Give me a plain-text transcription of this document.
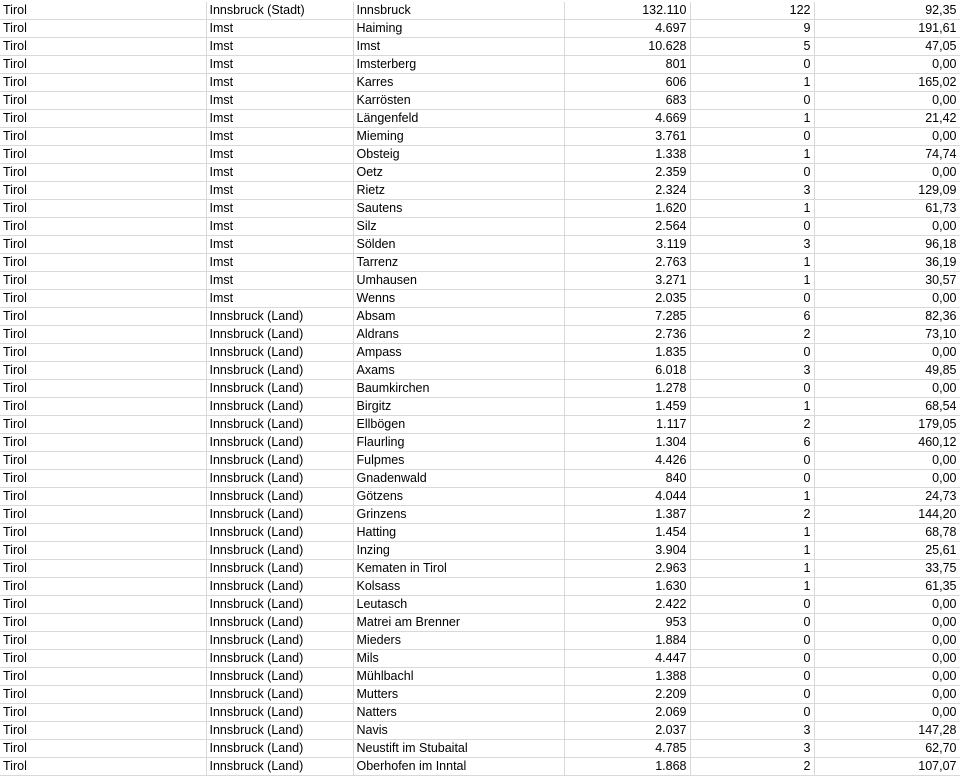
Tirol	Innsbruck (Stadt)	Innsbruck	132.110	122	92,35
Tirol	Imst	Haiming	4.697	9	191,61
Tirol	Imst	Imst	10.628	5	47,05
Tirol	Imst	Imsterberg	801	0	0,00
Tirol	Imst	Karres	606	1	165,02
Tirol	Imst	Karrösten	683	0	0,00
Tirol	Imst	Längenfeld	4.669	1	21,42
Tirol	Imst	Mieming	3.761	0	0,00
Tirol	Imst	Obsteig	1.338	1	74,74
Tirol	Imst	Oetz	2.359	0	0,00
Tirol	Imst	Rietz	2.324	3	129,09
Tirol	Imst	Sautens	1.620	1	61,73
Tirol	Imst	Silz	2.564	0	0,00
Tirol	Imst	Sölden	3.119	3	96,18
Tirol	Imst	Tarrenz	2.763	1	36,19
Tirol	Imst	Umhausen	3.271	1	30,57
Tirol	Imst	Wenns	2.035	0	0,00
Tirol	Innsbruck (Land)	Absam	7.285	6	82,36
Tirol	Innsbruck (Land)	Aldrans	2.736	2	73,10
Tirol	Innsbruck (Land)	Ampass	1.835	0	0,00
Tirol	Innsbruck (Land)	Axams	6.018	3	49,85
Tirol	Innsbruck (Land)	Baumkirchen	1.278	0	0,00
Tirol	Innsbruck (Land)	Birgitz	1.459	1	68,54
Tirol	Innsbruck (Land)	Ellbögen	1.117	2	179,05
Tirol	Innsbruck (Land)	Flaurling	1.304	6	460,12
Tirol	Innsbruck (Land)	Fulpmes	4.426	0	0,00
Tirol	Innsbruck (Land)	Gnadenwald	840	0	0,00
Tirol	Innsbruck (Land)	Götzens	4.044	1	24,73
Tirol	Innsbruck (Land)	Grinzens	1.387	2	144,20
Tirol	Innsbruck (Land)	Hatting	1.454	1	68,78
Tirol	Innsbruck (Land)	Inzing	3.904	1	25,61
Tirol	Innsbruck (Land)	Kematen in Tirol	2.963	1	33,75
Tirol	Innsbruck (Land)	Kolsass	1.630	1	61,35
Tirol	Innsbruck (Land)	Leutasch	2.422	0	0,00
Tirol	Innsbruck (Land)	Matrei am Brenner	953	0	0,00
Tirol	Innsbruck (Land)	Mieders	1.884	0	0,00
Tirol	Innsbruck (Land)	Mils	4.447	0	0,00
Tirol	Innsbruck (Land)	Mühlbachl	1.388	0	0,00
Tirol	Innsbruck (Land)	Mutters	2.209	0	0,00
Tirol	Innsbruck (Land)	Natters	2.069	0	0,00
Tirol	Innsbruck (Land)	Navis	2.037	3	147,28
Tirol	Innsbruck (Land)	Neustift im Stubaital	4.785	3	62,70
Tirol	Innsbruck (Land)	Oberhofen im Inntal	1.868	2	107,07
